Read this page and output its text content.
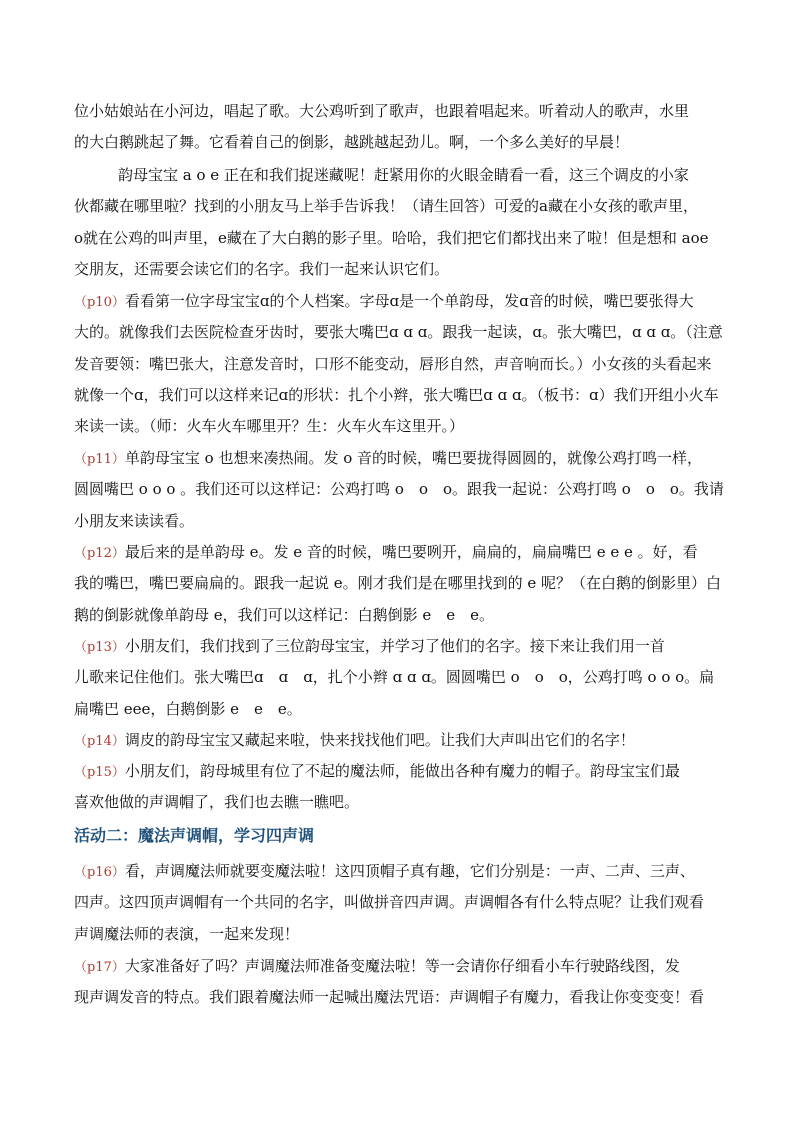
位小姑娘站在小河边，唱起了歌。大公鸡听到了歌声，也跟着唱起来。听着动人的歌声，水里
的大白鹅跳起了舞。它看着自己的倒影，越跳越起劲儿。啊，一个多么美好的早晨！
韵母宝宝 a o e 正在和我们捉迷藏呢！赶紧用你的火眼金睛看一看，这三个调皮的小家
伙都藏在哪里啦？找到的小朋友马上举手告诉我！（请生回答）可爱的a藏在小女孩的歌声里，
o就在公鸡的叫声里，e藏在了大白鹅的影子里。哈哈，我们把它们都找出来了啦！但是想和 aoe
交朋友，还需要会读它们的名字。我们一起来认识它们。
（p10）看看第一位字母宝宝ɑ的个人档案。字母ɑ是一个单韵母，发ɑ音的时候，嘴巴要张得大
大的。就像我们去医院检查牙齿时，要张大嘴巴ɑ ɑ ɑ。跟我一起读，ɑ。张大嘴巴，ɑ ɑ ɑ。（注意
发音要领：嘴巴张大，注意发音时，口形不能变动，唇形自然，声音响而长。）小女孩的头看起来
就像一个ɑ，我们可以这样来记ɑ的形状：扎个小辫，张大嘴巴ɑ ɑ ɑ。（板书：ɑ）我们开组小火车
来读一读。（师：火车火车哪里开？生：火车火车这里开。）
（p11）单韵母宝宝 o 也想来凑热闹。发 o 音的时候，嘴巴要拢得圆圆的，就像公鸡打鸣一样，
圆圆嘴巴 o o o 。我们还可以这样记：公鸡打鸣 o　o　o。跟我一起说：公鸡打鸣 o　o　o。我请
小朋友来读读看。
（p12）最后来的是单韵母 e。发 e 音的时候，嘴巴要咧开，扁扁的，扁扁嘴巴 e e e 。好，看
我的嘴巴，嘴巴要扁扁的。跟我一起说 e。刚才我们是在哪里找到的 e 呢？（在白鹅的倒影里）白
鹅的倒影就像单韵母 e，我们可以这样记：白鹅倒影 e　e　e。
（p13）小朋友们，我们找到了三位韵母宝宝，并学习了他们的名字。接下来让我们用一首
儿歌来记住他们。张大嘴巴ɑ　ɑ　ɑ，扎个小辫 ɑ ɑ ɑ。圆圆嘴巴 o　o　o，公鸡打鸣 o o o。扁
扁嘴巴 eee，白鹅倒影 e　e　e。
（p14）调皮的韵母宝宝又藏起来啦，快来找找他们吧。让我们大声叫出它们的名字！
（p15）小朋友们，韵母城里有位了不起的魔法师，能做出各种有魔力的帽子。韵母宝宝们最
喜欢他做的声调帽了，我们也去瞧一瞧吧。
活动二：魔法声调帽，学习四声调
（p16）看，声调魔法师就要变魔法啦！这四顶帽子真有趣，它们分别是：一声、二声、三声、
四声。这四顶声调帽有一个共同的名字，叫做拼音四声调。声调帽各有什么特点呢？让我们观看
声调魔法师的表演，一起来发现！
（p17）大家准备好了吗？声调魔法师准备变魔法啦！等一会请你仔细看小车行驶路线图，发
现声调发音的特点。我们跟着魔法师一起喊出魔法咒语：声调帽子有魔力，看我让你变变变！看
